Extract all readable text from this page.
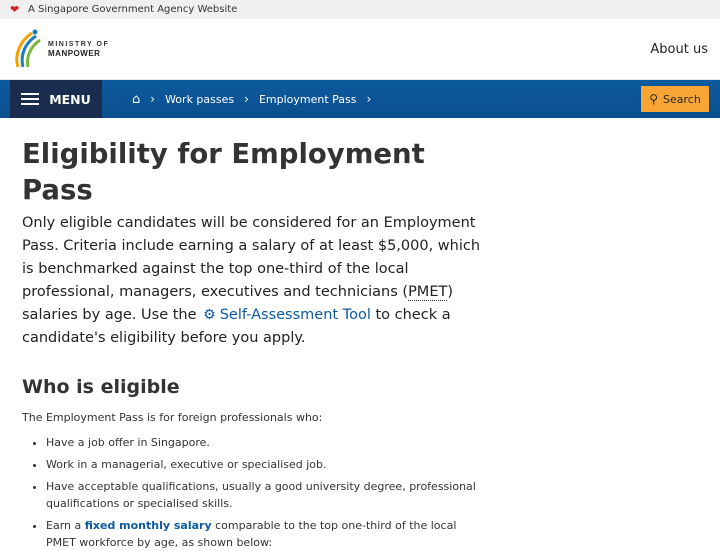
❤ A Singapore Government Agency Website
MINISTRY OF
MANPOWER	About us
MENU	⌂ › Work passes › Employment Pass ›	⚲ Search
Eligibility for Employment Pass

Only eligible candidates will be considered for an Employment Pass. Criteria include earning a salary of at least $5,000, which is benchmarked against the top one-third of the local professional, managers, executives and technicians (PMET) salaries by age. Use the ⚙ Self-Assessment Tool to check a candidate's eligibility before you apply.

Who is eligible

The Employment Pass is for foreign professionals who:

• Have a job offer in Singapore.
• Work in a managerial, executive or specialised job.
• Have acceptable qualifications, usually a good university degree, professional qualifications or specialised skills.
• Earn a fixed monthly salary comparable to the top one-third of the local PMET workforce by age, as shown below:
